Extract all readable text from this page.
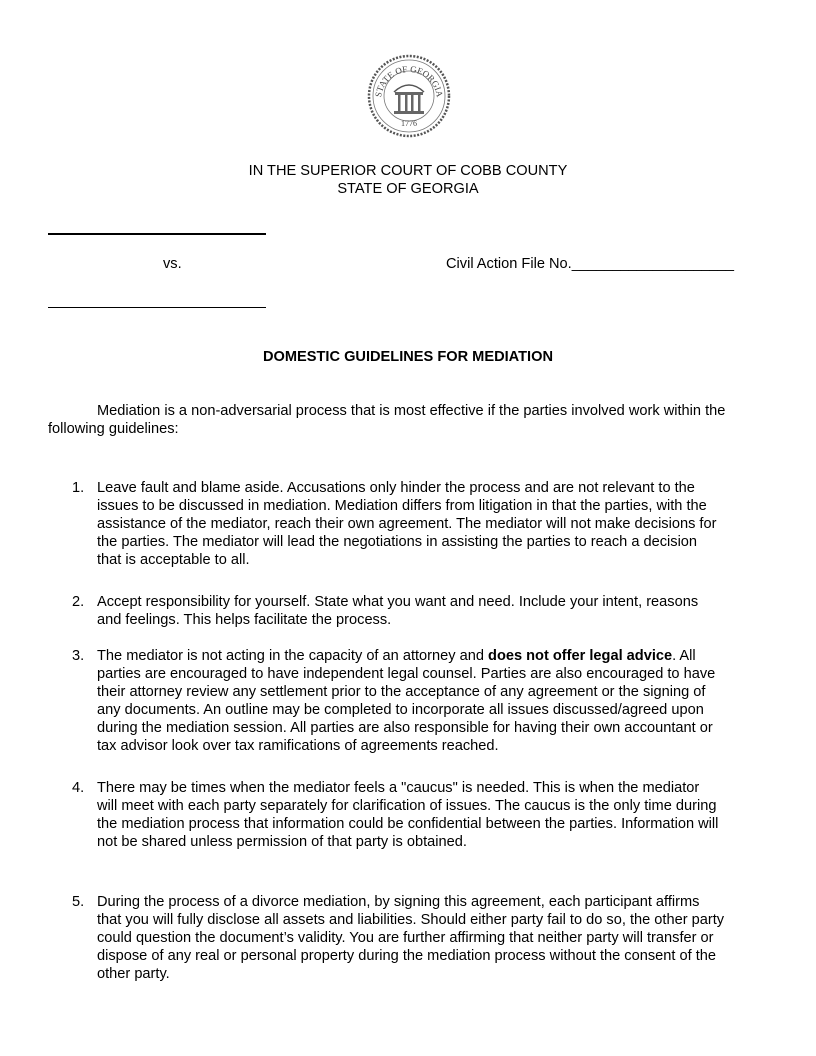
STATE OF GEORGIA
1776
IN THE SUPERIOR COURT OF COBB COUNTY
STATE OF GEORGIA
vs.	Civil Action File No.____________________
DOMESTIC GUIDELINES FOR MEDIATION
Mediation is a non-adversarial process that is most effective if the parties involved work within the
following guidelines:
1. Leave fault and blame aside. Accusations only hinder the process and are not relevant to the
issues to be discussed in mediation. Mediation differs from litigation in that the parties, with the
assistance of the mediator, reach their own agreement. The mediator will not make decisions for
the parties. The mediator will lead the negotiations in assisting the parties to reach a decision
that is acceptable to all.
2. Accept responsibility for yourself. State what you want and need. Include your intent, reasons
and feelings. This helps facilitate the process.
3. The mediator is not acting in the capacity of an attorney and does not offer legal advice. All
parties are encouraged to have independent legal counsel. Parties are also encouraged to have
their attorney review any settlement prior to the acceptance of any agreement or the signing of
any documents. An outline may be completed to incorporate all issues discussed/agreed upon
during the mediation session. All parties are also responsible for having their own accountant or
tax advisor look over tax ramifications of agreements reached.
4. There may be times when the mediator feels a "caucus" is needed. This is when the mediator
will meet with each party separately for clarification of issues. The caucus is the only time during
the mediation process that information could be confidential between the parties. Information will
not be shared unless permission of that party is obtained.
5. During the process of a divorce mediation, by signing this agreement, each participant affirms
that you will fully disclose all assets and liabilities. Should either party fail to do so, the other party
could question the document’s validity. You are further affirming that neither party will transfer or
dispose of any real or personal property during the mediation process without the consent of the
other party.
